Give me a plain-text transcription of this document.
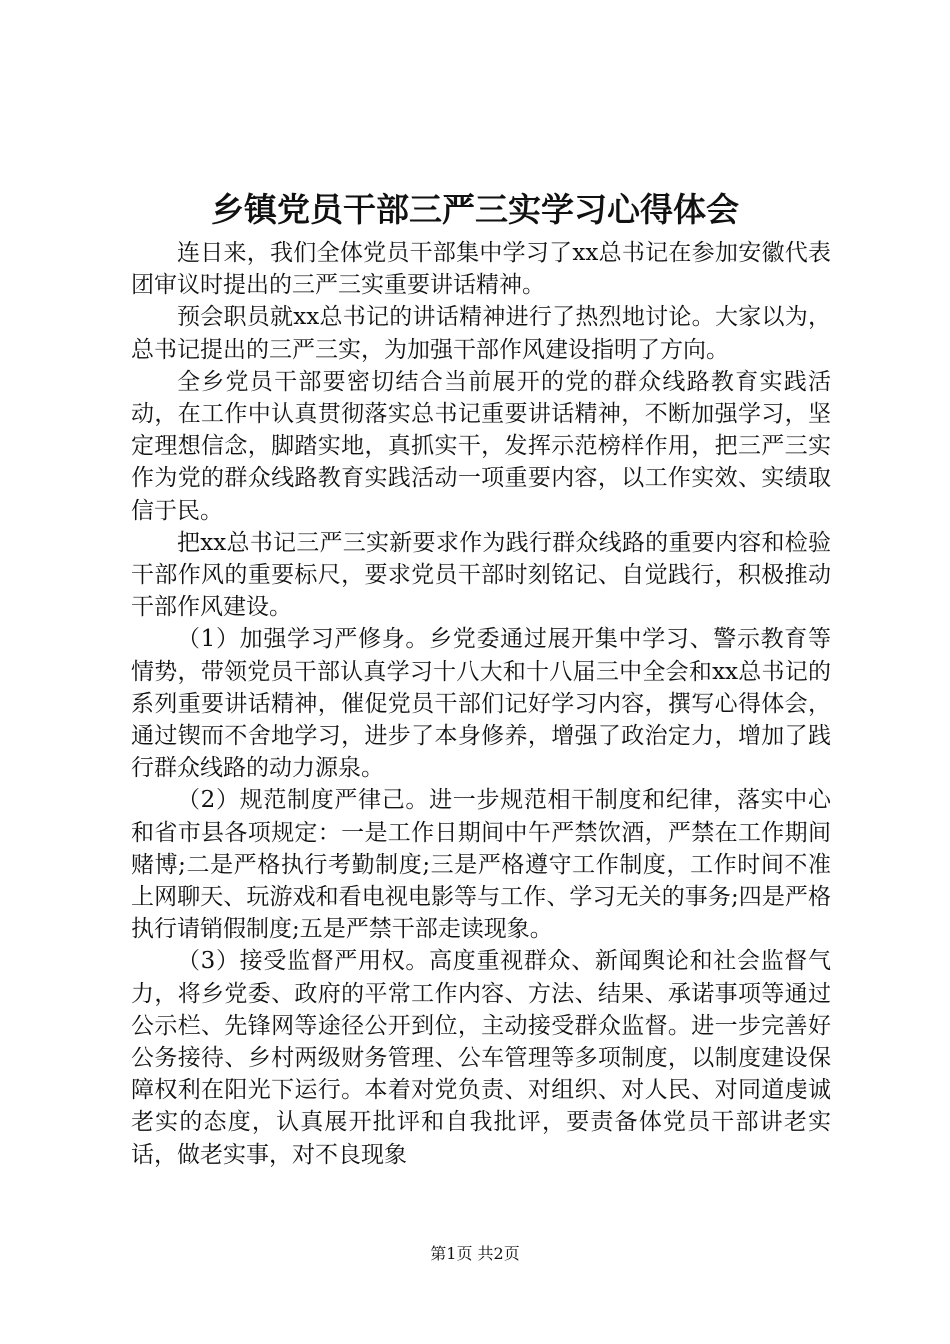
乡镇党员干部三严三实学习心得体会

连日来，我们全体党员干部集中学习了xx总书记在参加安徽代表团审议时提出的三严三实重要讲话精神。

预会职员就xx总书记的讲话精神进行了热烈地讨论。大家以为，总书记提出的三严三实，为加强干部作风建设指明了方向。

全乡党员干部要密切结合当前展开的党的群众线路教育实践活动，在工作中认真贯彻落实总书记重要讲话精神，不断加强学习，坚定理想信念，脚踏实地，真抓实干，发挥示范榜样作用，把三严三实作为党的群众线路教育实践活动一项重要内容，以工作实效、实绩取信于民。

把xx总书记三严三实新要求作为践行群众线路的重要内容和检验干部作风的重要标尺，要求党员干部时刻铭记、自觉践行，积极推动干部作风建设。

（1）加强学习严修身。乡党委通过展开集中学习、警示教育等情势，带领党员干部认真学习十八大和十八届三中全会和xx总书记的系列重要讲话精神，催促党员干部们记好学习内容，撰写心得体会，通过锲而不舍地学习，进步了本身修养，增强了政治定力，增加了践行群众线路的动力源泉。

（2）规范制度严律己。进一步规范相干制度和纪律，落实中心和省市县各项规定：一是工作日期间中午严禁饮酒，严禁在工作期间赌博;二是严格执行考勤制度;三是严格遵守工作制度，工作时间不准上网聊天、玩游戏和看电视电影等与工作、学习无关的事务;四是严格执行请销假制度;五是严禁干部走读现象。

（3）接受监督严用权。高度重视群众、新闻舆论和社会监督气力，将乡党委、政府的平常工作内容、方法、结果、承诺事项等通过公示栏、先锋网等途径公开到位，主动接受群众监督。进一步完善好公务接待、乡村两级财务管理、公车管理等多项制度，以制度建设保障权利在阳光下运行。本着对党负责、对组织、对人民、对同道虔诚老实的态度，认真展开批评和自我批评，要责备体党员干部讲老实话，做老实事，对不良现象

第1页 共2页
